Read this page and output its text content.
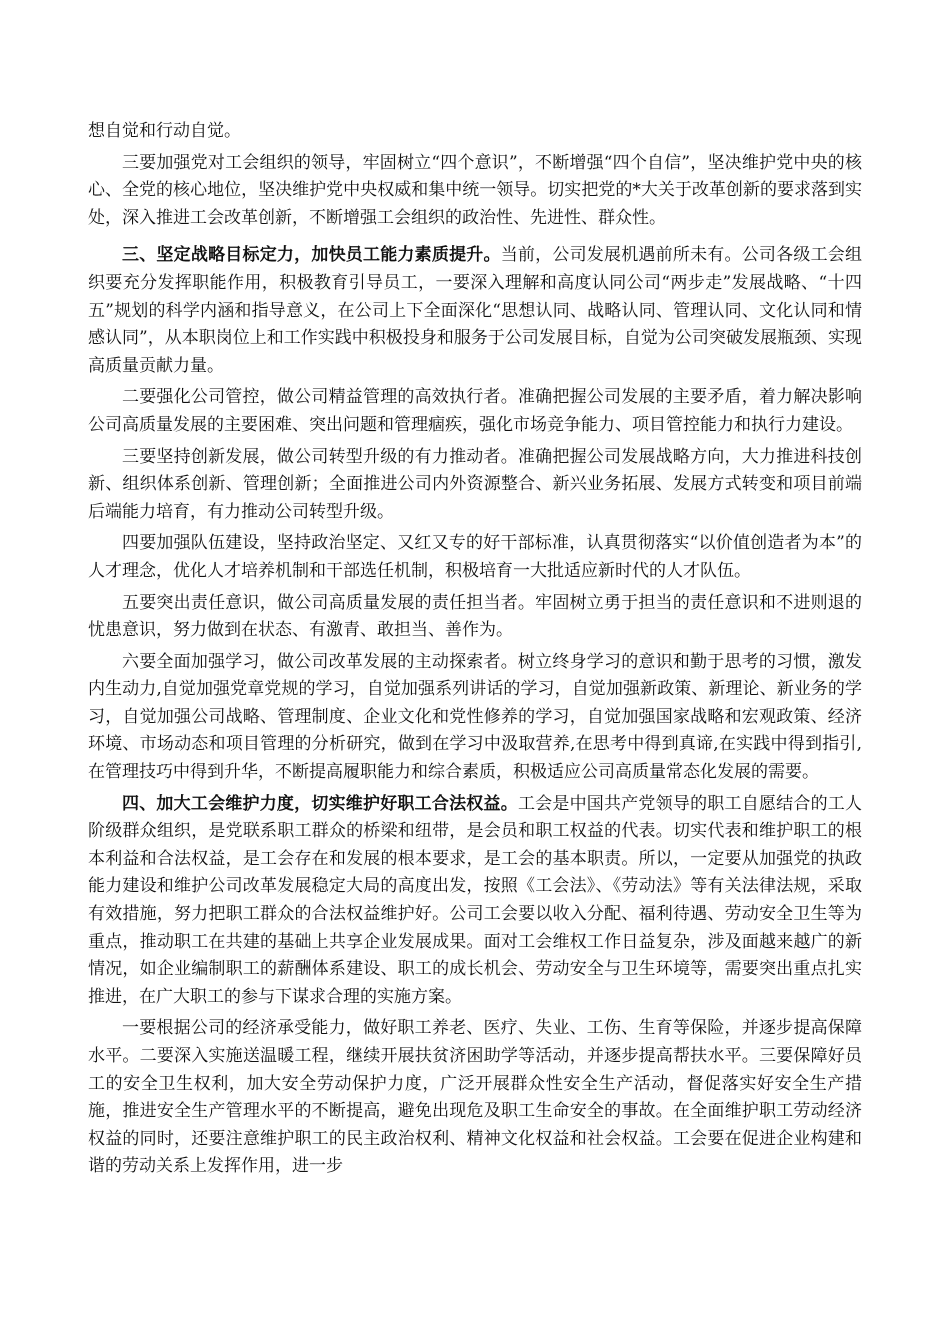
想自觉和行动自觉。

三要加强党对工会组织的领导，牢固树立“四个意识”，不断增强“四个自信”，坚决维护党中央的核心、全党的核心地位，坚决维护党中央权威和集中统一领导。切实把党的*大关于改革创新的要求落到实处，深入推进工会改革创新，不断增强工会组织的政治性、先进性、群众性。

三、坚定战略目标定力，加快员工能力素质提升。当前，公司发展机遇前所未有。公司各级工会组织要充分发挥职能作用，积极教育引导员工，一要深入理解和高度认同公司“两步走”发展战略、“十四五”规划的科学内涵和指导意义，在公司上下全面深化“思想认同、战略认同、管理认同、文化认同和情感认同”，从本职岗位上和工作实践中积极投身和服务于公司发展目标，自觉为公司突破发展瓶颈、实现高质量贡献力量。

二要强化公司管控，做公司精益管理的高效执行者。准确把握公司发展的主要矛盾，着力解决影响公司高质量发展的主要困难、突出问题和管理痼疾，强化市场竞争能力、项目管控能力和执行力建设。

三要坚持创新发展，做公司转型升级的有力推动者。准确把握公司发展战略方向，大力推进科技创新、组织体系创新、管理创新；全面推进公司内外资源整合、新兴业务拓展、发展方式转变和项目前端后端能力培育，有力推动公司转型升级。

四要加强队伍建设，坚持政治坚定、又红又专的好干部标准，认真贯彻落实“以价值创造者为本”的人才理念，优化人才培养机制和干部选任机制，积极培育一大批适应新时代的人才队伍。

五要突出责任意识，做公司高质量发展的责任担当者。牢固树立勇于担当的责任意识和不进则退的忧患意识，努力做到在状态、有激青、敢担当、善作为。

六要全面加强学习，做公司改革发展的主动探索者。树立终身学习的意识和勤于思考的习惯，激发内生动力,自觉加强党章党规的学习，自觉加强系列讲话的学习，自觉加强新政策、新理论、新业务的学习，自觉加强公司战略、管理制度、企业文化和党性修养的学习，自觉加强国家战略和宏观政策、经济环境、市场动态和项目管理的分析研究，做到在学习中汲取营养,在思考中得到真谛,在实践中得到指引,在管理技巧中得到升华，不断提高履职能力和综合素质，积极适应公司高质量常态化发展的需要。

四、加大工会维护力度，切实维护好职工合法权益。工会是中国共产党领导的职工自愿结合的工人阶级群众组织，是党联系职工群众的桥梁和纽带，是会员和职工权益的代表。切实代表和维护职工的根本利益和合法权益，是工会存在和发展的根本要求，是工会的基本职责。所以，一定要从加强党的执政能力建设和维护公司改革发展稳定大局的高度出发，按照《工会法》、《劳动法》等有关法律法规，采取有效措施，努力把职工群众的合法权益维护好。公司工会要以收入分配、福利待遇、劳动安全卫生等为重点，推动职工在共建的基础上共享企业发展成果。面对工会维权工作日益复杂，涉及面越来越广的新情况，如企业编制职工的薪酬体系建设、职工的成长机会、劳动安全与卫生环境等，需要突出重点扎实推进，在广大职工的参与下谋求合理的实施方案。

一要根据公司的经济承受能力，做好职工养老、医疗、失业、工伤、生育等保险，并逐步提高保障水平。二要深入实施送温暖工程，继续开展扶贫济困助学等活动，并逐步提高帮扶水平。三要保障好员工的安全卫生权利，加大安全劳动保护力度，广泛开展群众性安全生产活动，督促落实好安全生产措施，推进安全生产管理水平的不断提高，避免出现危及职工生命安全的事故。在全面维护职工劳动经济权益的同时，还要注意维护职工的民主政治权利、精神文化权益和社会权益。工会要在促进企业构建和谐的劳动关系上发挥作用，进一步
